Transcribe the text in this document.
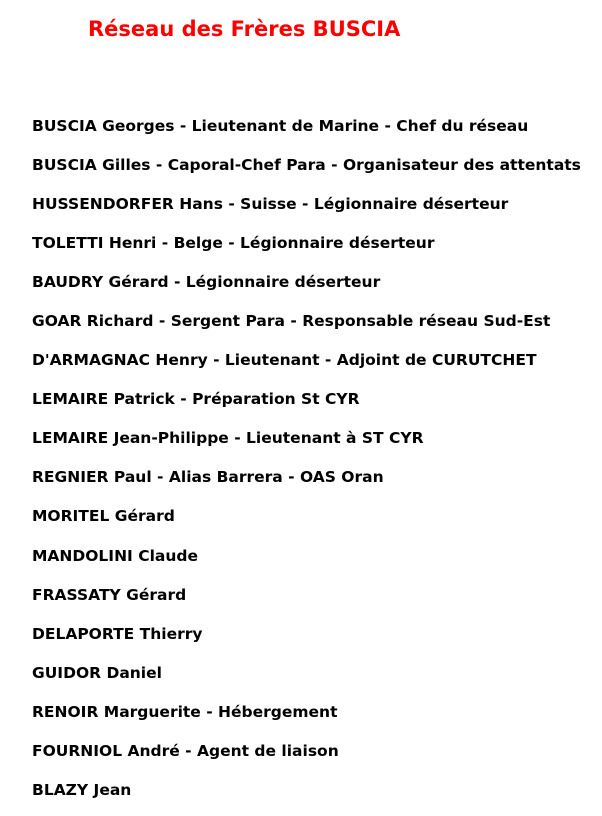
Réseau des Frères BUSCIA
BUSCIA Georges - Lieutenant de Marine - Chef du réseau
BUSCIA Gilles - Caporal-Chef Para - Organisateur des attentats
HUSSENDORFER Hans - Suisse - Légionnaire déserteur
TOLETTI Henri - Belge - Légionnaire déserteur
BAUDRY Gérard - Légionnaire déserteur
GOAR Richard - Sergent Para - Responsable réseau Sud-Est
D'ARMAGNAC Henry - Lieutenant - Adjoint de CURUTCHET
LEMAIRE Patrick - Préparation St CYR
LEMAIRE Jean-Philippe - Lieutenant à ST CYR
REGNIER Paul - Alias Barrera - OAS Oran
MORITEL Gérard
MANDOLINI Claude
FRASSATY Gérard
DELAPORTE Thierry
GUIDOR Daniel
RENOIR Marguerite - Hébergement
FOURNIOL André - Agent de liaison
BLAZY Jean
